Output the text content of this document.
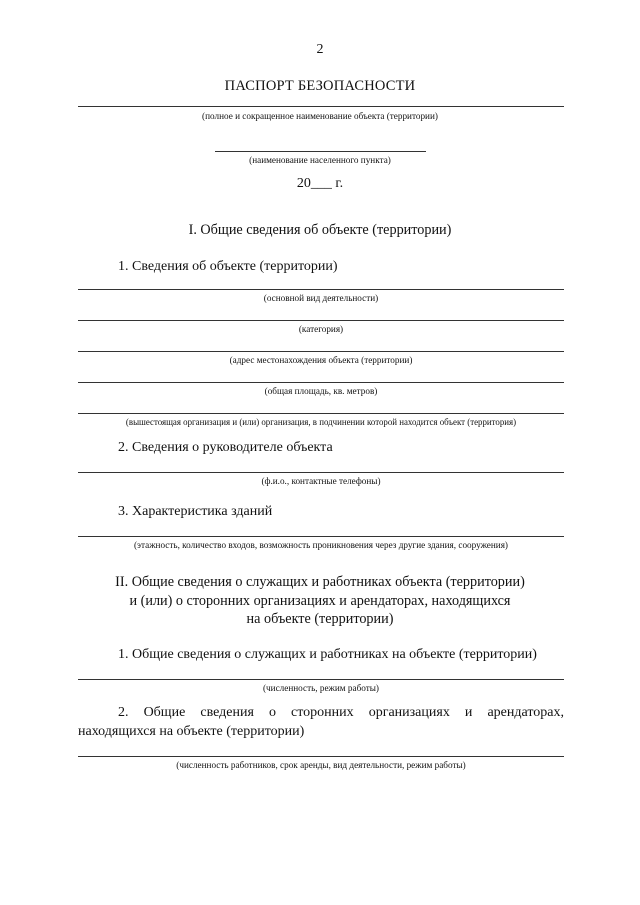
2
ПАСПОРТ БЕЗОПАСНОСТИ
(полное и сокращенное наименование объекта (территории)
(наименование населенного пункта)
20___ г.
I. Общие сведения об объекте (территории)
1. Сведения об объекте (территории)
(основной вид деятельности)
(категория)
(адрес местонахождения объекта (территории)
(общая площадь, кв. метров)
(вышестоящая организация и (или) организация, в подчинении которой находится объект (территория)
2. Сведения о руководителе объекта
(ф.и.о., контактные телефоны)
3. Характеристика зданий
(этажность, количество входов, возможность проникновения через другие здания, сооружения)
II. Общие сведения о служащих и работниках объекта (территории)
и (или) о сторонних организациях и арендаторах, находящихся
на объекте (территории)
1. Общие сведения о служащих и работниках на объекте (территории)
(численность, режим работы)
2. Общие сведения о сторонних организациях и арендаторах,
находящихся на объекте (территории)
(численность работников, срок аренды, вид деятельности, режим работы)
